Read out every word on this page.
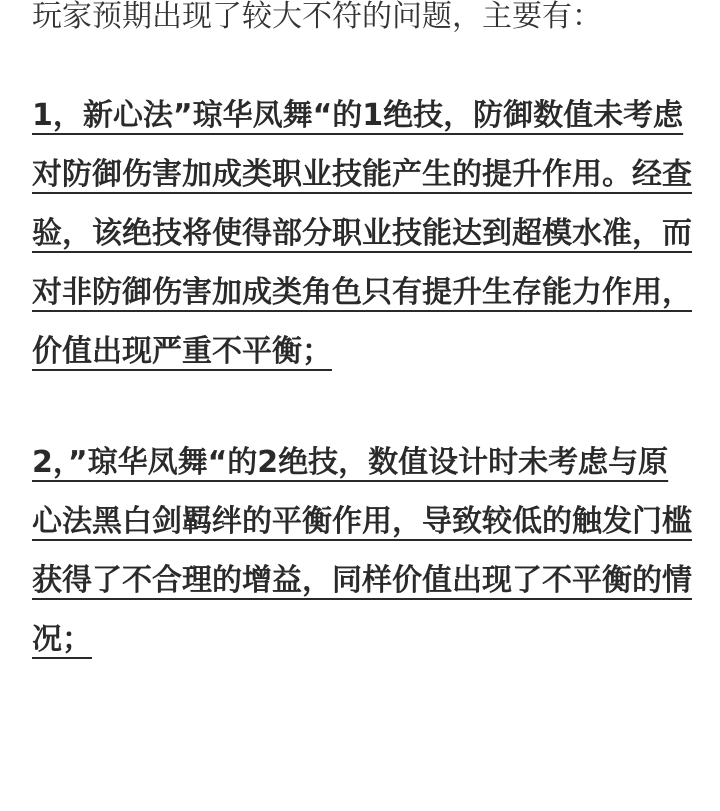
玩家预期出现了较大不符的问题，主要有：

1，新心法”琼华凤舞“的1绝技，防御数值未考虑对防御伤害加成类职业技能产生的提升作用。经查验，该绝技将使得部分职业技能达到超模水准，而对非防御伤害加成类角色只有提升生存能力作用，价值出现严重不平衡；

2，”琼华凤舞“的2绝技，数值设计时未考虑与原心法黑白剑羁绊的平衡作用，导致较低的触发门槛获得了不合理的增益，同样价值出现了不平衡的情况；
